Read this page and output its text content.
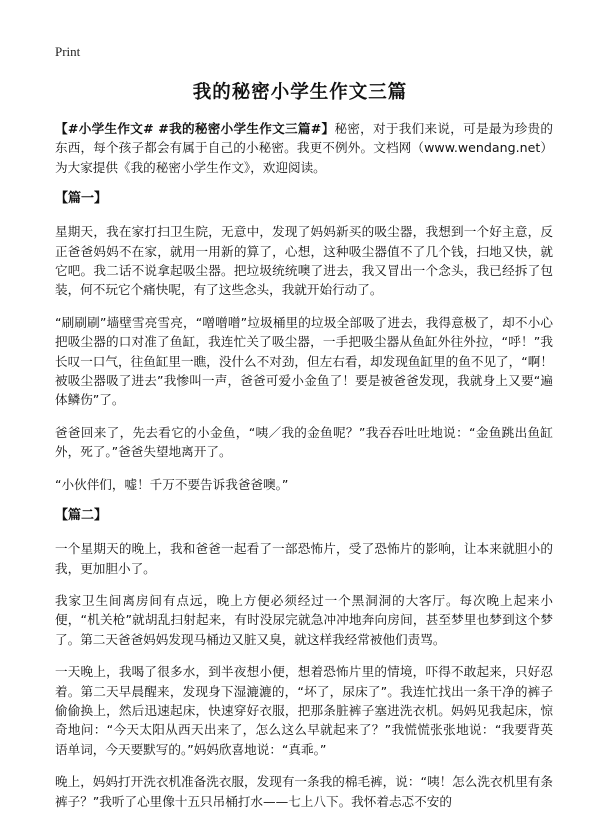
Print
我的秘密小学生作文三篇

【#小学生作文# #我的秘密小学生作文三篇#】秘密，对于我们来说，可是最为珍贵的东西，每个孩子都会有属于自己的小秘密。我更不例外。文档网（www.wendang.net）为大家提供《我的秘密小学生作文》，欢迎阅读。

【篇一】

星期天，我在家打扫卫生院，无意中，发现了妈妈新买的吸尘器，我想到一个好主意，反正爸爸妈妈不在家，就用一用新的算了，心想，这种吸尘器值不了几个钱，扫地又快，就它吧。我二话不说拿起吸尘器。把垃圾统统噢了进去，我又冒出一个念头，我已经拆了包装，何不玩它个痛快呢，有了这些念头，我就开始行动了。

“刷刷刷”墙壁雪亮雪亮，“噌噌噌”垃圾桶里的垃圾全部吸了进去，我得意极了，却不小心把吸尘器的口对准了鱼缸，我连忙关了吸尘器，一手把吸尘器从鱼缸外往外拉，“呼！”我长叹一口气，往鱼缸里一瞧，没什么不对劲，但左右看，却发现鱼缸里的鱼不见了，“啊！被吸尘器吸了进去”我惨叫一声，爸爸可爱小金鱼了！要是被爸爸发现，我就身上又要“遍体鳞伤”了。

爸爸回来了，先去看它的小金鱼，“咦／我的金鱼呢？”我吞吞吐吐地说：“金鱼跳出鱼缸外，死了。”爸爸失望地离开了。

“小伙伴们，嘘！千万不要告诉我爸爸噢。”

【篇二】

一个星期天的晚上，我和爸爸一起看了一部恐怖片，受了恐怖片的影响，让本来就胆小的我，更加胆小了。

我家卫生间离房间有点远，晚上方便必须经过一个黑洞洞的大客厅。每次晚上起来小便，“机关枪”就胡乱扫射起来，有时没尿完就急冲冲地奔向房间，甚至梦里也梦到这个梦了。第二天爸爸妈妈发现马桶边又脏又臭，就这样我经常被他们责骂。

一天晚上，我喝了很多水，到半夜想小便，想着恐怖片里的情境，吓得不敢起来，只好忍着。第二天早晨醒来，发现身下湿漉漉的，“坏了，尿床了”。我连忙找出一条干净的裤子偷偷换上，然后迅速起床，快速穿好衣服，把那条脏裤子塞进洗衣机。妈妈见我起床，惊奇地问：“今天太阳从西天出来了，怎么这么早就起来了？”我慌慌张张地说：“我要背英语单词，今天要默写的。”妈妈欣喜地说：“真乖。”

晚上，妈妈打开洗衣机准备洗衣服，发现有一条我的棉毛裤，说：“咦！怎么洗衣机里有条裤子？”我听了心里像十五只吊桶打水——七上八下。我怀着忐忑不安的
